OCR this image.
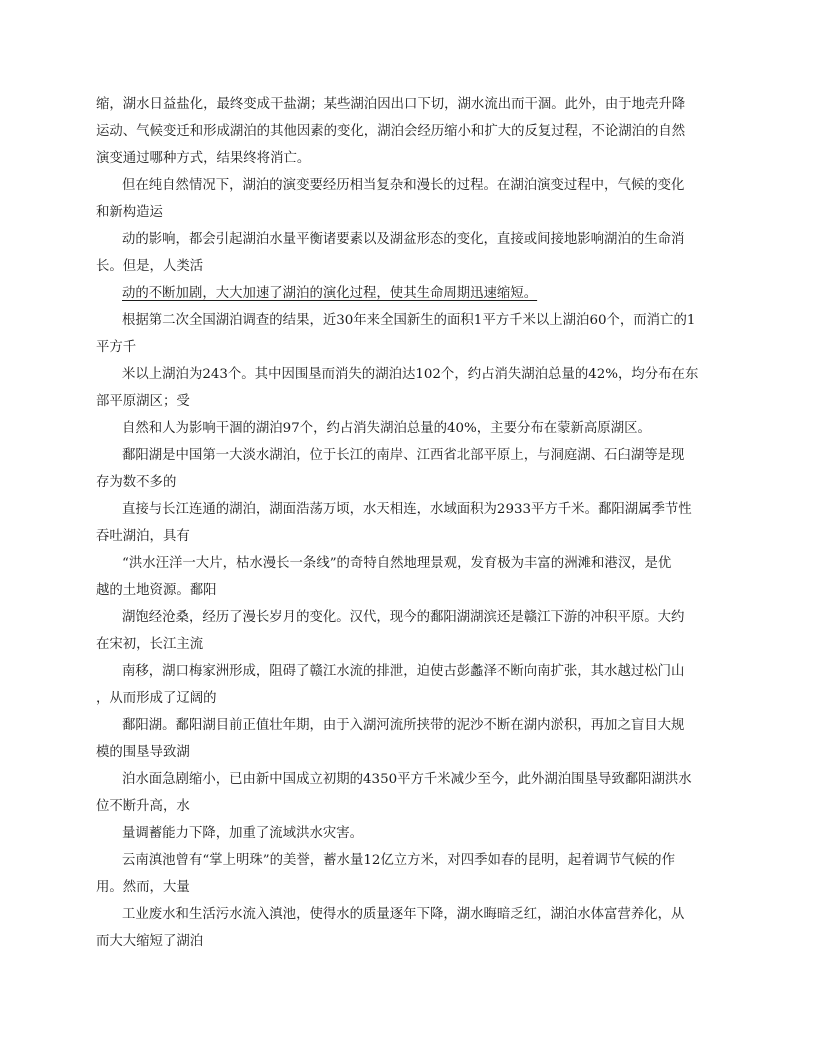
缩，湖水日益盐化，最终变成干盐湖；某些湖泊因出口下切，湖水流出而干涸。此外，由于地壳升降
运动、气候变迁和形成湖泊的其他因素的变化，湖泊会经历缩小和扩大的反复过程，不论湖泊的自然
演变通过哪种方式，结果终将消亡。
但在纯自然情况下，湖泊的演变要经历相当复杂和漫长的过程。在湖泊演变过程中，气候的变化
和新构造运
动的影响，都会引起湖泊水量平衡诸要素以及湖盆形态的变化，直接或间接地影响湖泊的生命消
长。但是，人类活
动的不断加剧，大大加速了湖泊的演化过程，使其生命周期迅速缩短。
根据第二次全国湖泊调查的结果，近30年来全国新生的面积1平方千米以上湖泊60个，而消亡的1
平方千
米以上湖泊为243个。其中因围垦而消失的湖泊达102个，约占消失湖泊总量的42%，均分布在东
部平原湖区；受
自然和人为影响干涸的湖泊97个，约占消失湖泊总量的40%，主要分布在蒙新高原湖区。
鄱阳湖是中国第一大淡水湖泊，位于长江的南岸、江西省北部平原上，与洞庭湖、石臼湖等是现
存为数不多的
直接与长江连通的湖泊，湖面浩荡万顷，水天相连，水域面积为2933平方千米。鄱阳湖属季节性
吞吐湖泊，具有
“洪水汪洋一大片，枯水漫长一条线”的奇特自然地理景观，发育极为丰富的洲滩和港汊，是优
越的土地资源。鄱阳
湖饱经沧桑，经历了漫长岁月的变化。汉代，现今的鄱阳湖湖滨还是赣江下游的冲积平原。大约
在宋初，长江主流
南移，湖口梅家洲形成，阻碍了赣江水流的排泄，迫使古彭蠡泽不断向南扩张，其水越过松门山
，从而形成了辽阔的
鄱阳湖。鄱阳湖目前正值壮年期，由于入湖河流所挟带的泥沙不断在湖内淤积，再加之盲目大规
模的围垦导致湖
泊水面急剧缩小，已由新中国成立初期的4350平方千米减少至今，此外湖泊围垦导致鄱阳湖洪水
位不断升高，水
量调蓄能力下降，加重了流域洪水灾害。
云南滇池曾有“掌上明珠”的美誉，蓄水量12亿立方米，对四季如春的昆明，起着调节气候的作
用。然而，大量
工业废水和生活污水流入滇池，使得水的质量逐年下降，湖水晦暗乏红，湖泊水体富营养化，从
而大大缩短了湖泊
